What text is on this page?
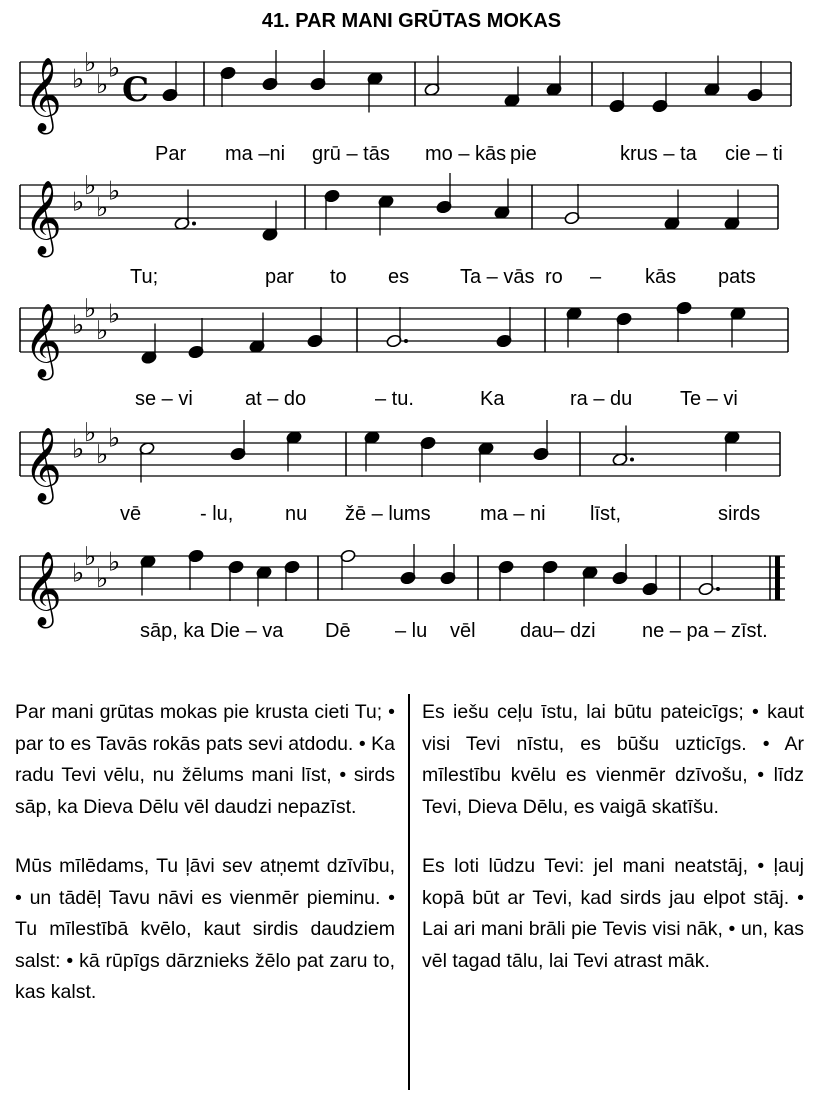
41. PAR MANI GRŪTAS MOKAS
𝄞 ♭
♭
♭
♭
C
Par ma –ni grū – tās mo – kās pie	krus – ta cie – ti
𝄞 ♭
♭
♭
♭
Tu;	par to es	Ta – vās ro – kās pats
𝄞 ♭
♭
♭
♭
se – vi	at – do	– tu.	Ka	ra – du Te – vi
𝄞 ♭
♭
♭
♭
vē	- lu,	nu žē – lums ma – ni līst,	sirds
𝄞 ♭
♭
♭
♭
sāp, ka Die – va Dē – lu vēl dau– dzi ne – pa – zīst.

Par mani grūtas mokas pie krusta cieti Tu; • par to es Tavās rokās pats sevi atdodu. • Ka radu Tevi vēlu, nu žēlums mani līst, • sirds sāp, ka Dieva Dēlu vēl daudzi nepazīst.

Mūs mīlēdams, Tu ļāvi sev atņemt dzīvību, • un tādēļ Tavu nāvi es vienmēr pieminu. • Tu mīlestībā kvēlo, kaut sirdis daudziem salst: • kā rūpīgs dārznieks žēlo pat zaru to, kas kalst.

Es iešu ceļu īstu, lai būtu pateicīgs; • kaut visi Tevi nīstu, es būšu uzticīgs. • Ar mīlestību kvēlu es vienmēr dzīvošu, • līdz Tevi, Dieva Dēlu, es vaigā skatīšu.

Es loti lūdzu Tevi: jel mani neatstāj, • ļauj kopā būt ar Tevi, kad sirds jau elpot stāj. • Lai ari mani brāli pie Tevis visi nāk, • un, kas vēl tagad tālu, lai Tevi atrast māk.
